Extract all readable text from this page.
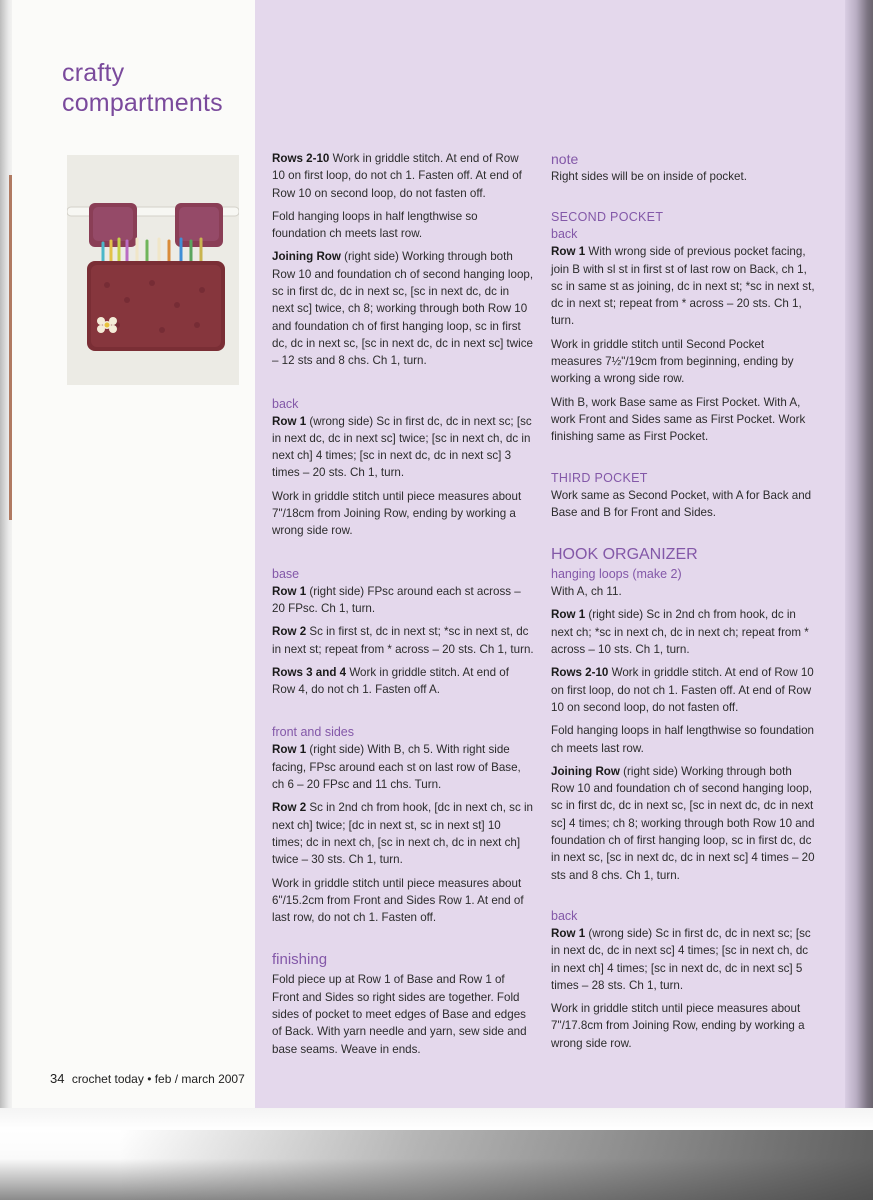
crafty
compartments

Rows 2-10 Work in griddle stitch. At end of Row 10 on first loop, do not ch 1. Fasten off. At end of Row 10 on second loop, do not fasten off.

Fold hanging loops in half lengthwise so foundation ch meets last row.

Joining Row (right side) Working through both Row 10 and foundation ch of second hanging loop, sc in first dc, dc in next sc, [sc in next dc, dc in next sc] twice, ch 8; working through both Row 10 and foundation ch of first hanging loop, sc in first dc, dc in next sc, [sc in next dc, dc in next sc] twice – 12 sts and 8 chs. Ch 1, turn.

back

Row 1 (wrong side) Sc in first dc, dc in next sc; [sc in next dc, dc in next sc] twice; [sc in next ch, dc in next ch] 4 times; [sc in next dc, dc in next sc] 3 times – 20 sts. Ch 1, turn.

Work in griddle stitch until piece measures about 7"/18cm from Joining Row, ending by working a wrong side row.

base

Row 1 (right side) FPsc around each st across – 20 FPsc. Ch 1, turn.

Row 2 Sc in first st, dc in next st; *sc in next st, dc in next st; repeat from * across – 20 sts. Ch 1, turn.

Rows 3 and 4 Work in griddle stitch. At end of Row 4, do not ch 1. Fasten off A.

front and sides

Row 1 (right side) With B, ch 5. With right side facing, FPsc around each st on last row of Base, ch 6 – 20 FPsc and 11 chs. Turn.

Row 2 Sc in 2nd ch from hook, [dc in next ch, sc in next ch] twice; [dc in next st, sc in next st] 10 times; dc in next ch, [sc in next ch, dc in next ch] twice – 30 sts. Ch 1, turn.

Work in griddle stitch until piece measures about 6"/15.2cm from Front and Sides Row 1. At end of last row, do not ch 1. Fasten off.

finishing

Fold piece up at Row 1 of Base and Row 1 of Front and Sides so right sides are together. Fold sides of pocket to meet edges of Base and edges of Back. With yarn needle and yarn, sew side and base seams. Weave in ends.

note

Right sides will be on inside of pocket.

SECOND POCKET
back

Row 1 With wrong side of previous pocket facing, join B with sl st in first st of last row on Back, ch 1, sc in same st as joining, dc in next st; *sc in next st, dc in next st; repeat from * across – 20 sts. Ch 1, turn.

Work in griddle stitch until Second Pocket measures 7½"/19cm from beginning, ending by working a wrong side row.

With B, work Base same as First Pocket. With A, work Front and Sides same as First Pocket. Work finishing same as First Pocket.

THIRD POCKET

Work same as Second Pocket, with A for Back and Base and B for Front and Sides.

HOOK ORGANIZER
hanging loops (make 2)

With A, ch 11.

Row 1 (right side) Sc in 2nd ch from hook, dc in next ch; *sc in next ch, dc in next ch; repeat from * across – 10 sts. Ch 1, turn.

Rows 2-10 Work in griddle stitch. At end of Row 10 on first loop, do not ch 1. Fasten off. At end of Row 10 on second loop, do not fasten off.

Fold hanging loops in half lengthwise so foundation ch meets last row.

Joining Row (right side) Working through both Row 10 and foundation ch of second hanging loop, sc in first dc, dc in next sc, [sc in next dc, dc in next sc] 4 times; ch 8; working through both Row 10 and foundation ch of first hanging loop, sc in first dc, dc in next sc, [sc in next dc, dc in next sc] 4 times – 20 sts and 8 chs. Ch 1, turn.

back

Row 1 (wrong side) Sc in first dc, dc in next sc; [sc in next dc, dc in next sc] 4 times; [sc in next ch, dc in next ch] 4 times; [sc in next dc, dc in next sc] 5 times – 28 sts. Ch 1, turn.

Work in griddle stitch until piece measures about 7"/17.8cm from Joining Row, ending by working a wrong side row.

34 crochet today • feb / march 2007
